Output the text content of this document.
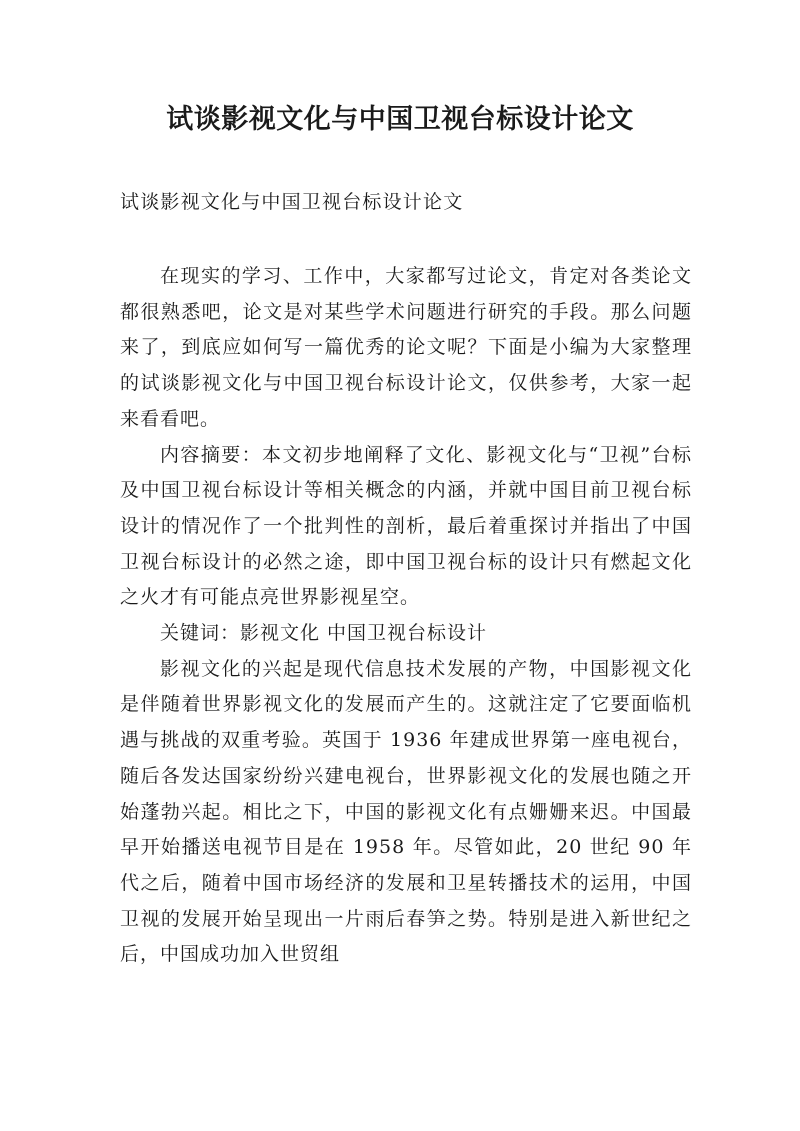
试谈影视文化与中国卫视台标设计论文

试谈影视文化与中国卫视台标设计论文

在现实的学习、工作中，大家都写过论文，肯定对各类论文都很熟悉吧，论文是对某些学术问题进行研究的手段。那么问题来了，到底应如何写一篇优秀的论文呢？下面是小编为大家整理的试谈影视文化与中国卫视台标设计论文，仅供参考，大家一起来看看吧。

内容摘要：本文初步地阐释了文化、影视文化与“卫视”台标及中国卫视台标设计等相关概念的内涵，并就中国目前卫视台标设计的情况作了一个批判性的剖析，最后着重探讨并指出了中国卫视台标设计的必然之途，即中国卫视台标的设计只有燃起文化之火才有可能点亮世界影视星空。

关键词：影视文化 中国卫视台标设计

影视文化的兴起是现代信息技术发展的产物，中国影视文化是伴随着世界影视文化的发展而产生的。这就注定了它要面临机遇与挑战的双重考验。英国于 1936 年建成世界第一座电视台，随后各发达国家纷纷兴建电视台，世界影视文化的发展也随之开始蓬勃兴起。相比之下，中国的影视文化有点姗姗来迟。中国最早开始播送电视节目是在 1958 年。尽管如此，20 世纪 90 年代之后，随着中国市场经济的发展和卫星转播技术的运用，中国卫视的发展开始呈现出一片雨后春笋之势。特别是进入新世纪之后，中国成功加入世贸组
